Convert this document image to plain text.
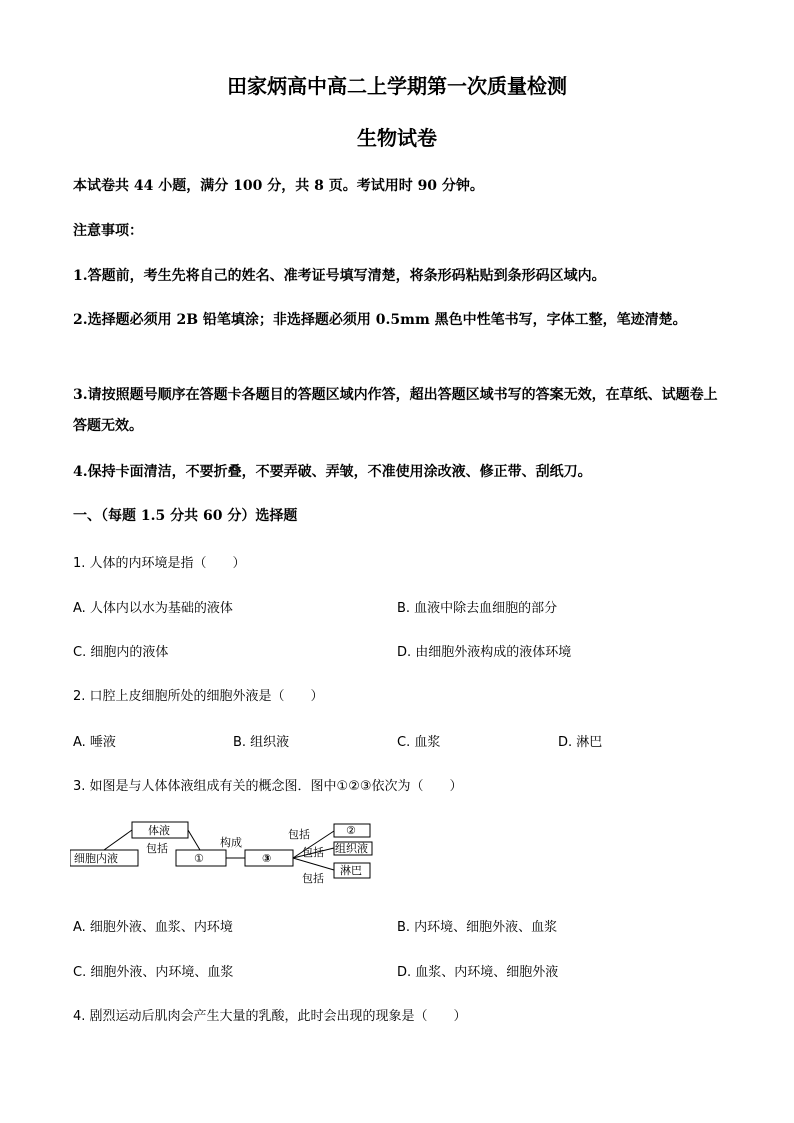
田家炳高中高二上学期第一次质量检测
生物试卷
本试卷共 44 小题，满分 100 分，共 8 页。考试用时 90 分钟。
注意事项：
1.答题前，考生先将自己的姓名、准考证号填写清楚，将条形码粘贴到条形码区域内。
2.选择题必须用 2B 铅笔填涂；非选择题必须用 0.5mm 黑色中性笔书写，字体工整，笔迹清楚。
3.请按照题号顺序在答题卡各题目的答题区域内作答，超出答题区域书写的答案无效，在草纸、试题卷上答题无效。
4.保持卡面清洁，不要折叠，不要弄破、弄皱，不准使用涂改液、修正带、刮纸刀。
一、（每题 1.5 分共 60 分）选择题
1. 人体的内环境是指（　　）
A. 人体内以水为基础的液体	B. 血液中除去血细胞的部分
C. 细胞内的液体	D. 由细胞外液构成的液体环境
2. 口腔上皮细胞所处的细胞外液是（　　）
A. 唾液	B. 组织液	C. 血浆	D. 淋巴
3. 如图是与人体体液组成有关的概念图．图中①②③依次为（　　）
体液
细胞内液	①	③
②
组织液
淋巴
包括	构成
包括
包括
包括
A. 细胞外液、血浆、内环境	B. 内环境、细胞外液、血浆
C. 细胞外液、内环境、血浆	D. 血浆、内环境、细胞外液
4. 剧烈运动后肌肉会产生大量的乳酸，此时会出现的现象是（　　）
